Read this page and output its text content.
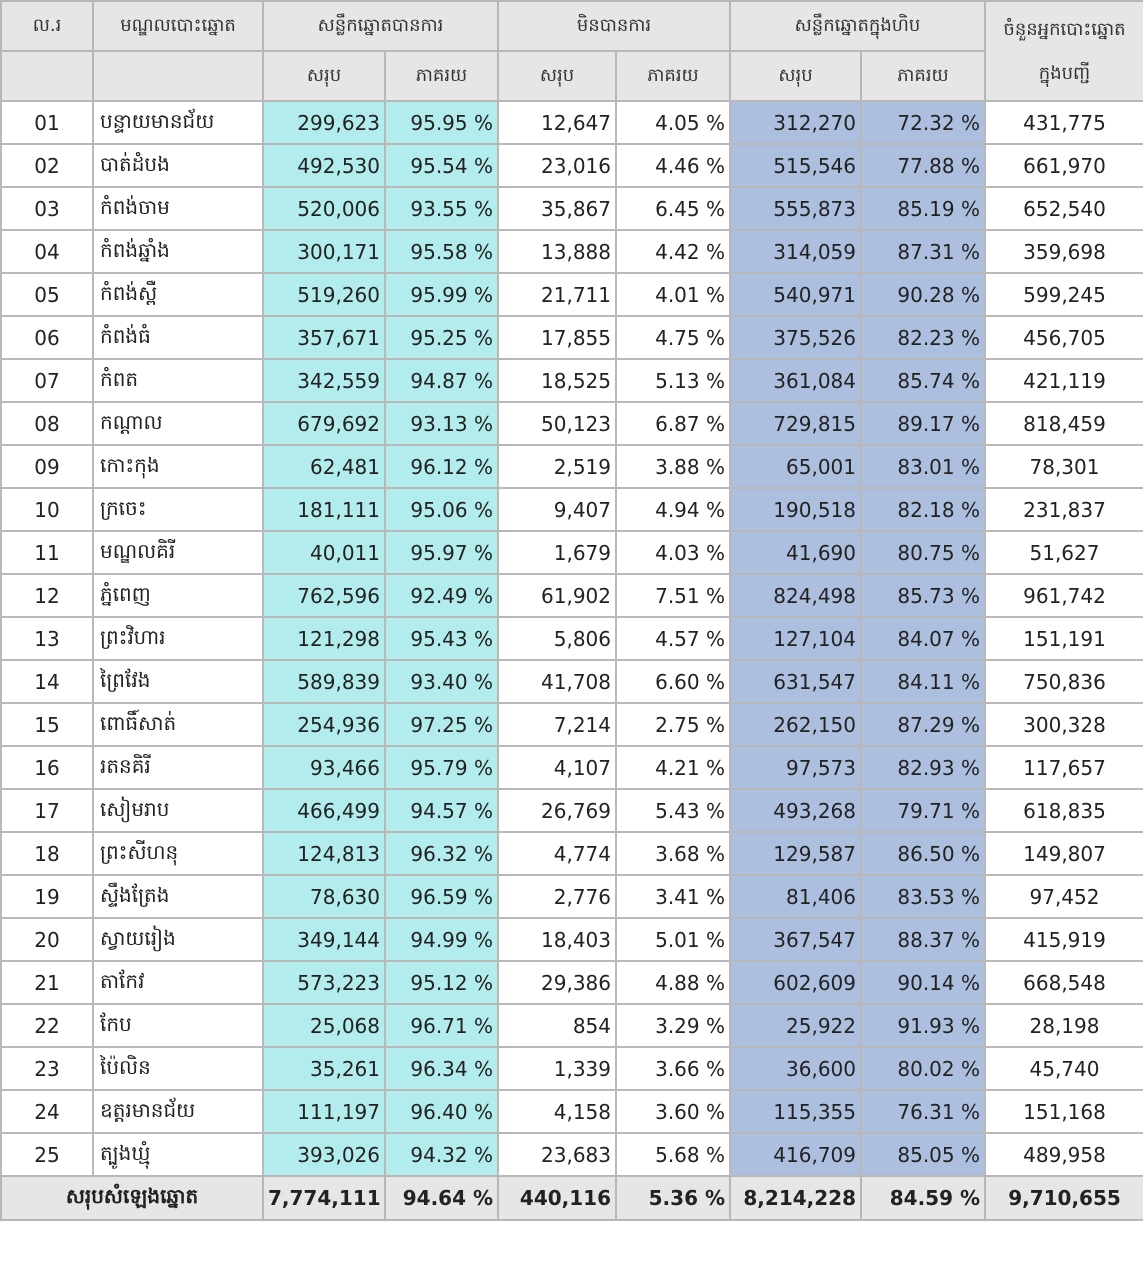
ល.រ	មណ្ឌលបោះឆ្នោត	សន្លឹកឆ្នោតបានការ		មិនបានការ		សន្លឹកឆ្នោតក្នុងហិប		ចំនួនអ្នកបោះឆ្នោត
ក្នុងបញ្ជី

		សរុប	ភាគរយ	សរុប	ភាគរយ	សរុប	ភាគរយ	
01	បន្ទាយមានជ័យ	299,623	95.95 %	12,647	4.05 %	312,270	72.32 %	431,775
02	បាត់ដំបង	492,530	95.54 %	23,016	4.46 %	515,546	77.88 %	661,970
03	កំពង់ចាម	520,006	93.55 %	35,867	6.45 %	555,873	85.19 %	652,540
04	កំពង់ឆ្នាំង	300,171	95.58 %	13,888	4.42 %	314,059	87.31 %	359,698
05	កំពង់ស្ពឺ	519,260	95.99 %	21,711	4.01 %	540,971	90.28 %	599,245
06	កំពង់ធំ	357,671	95.25 %	17,855	4.75 %	375,526	82.23 %	456,705
07	កំពត	342,559	94.87 %	18,525	5.13 %	361,084	85.74 %	421,119
08	កណ្តាល	679,692	93.13 %	50,123	6.87 %	729,815	89.17 %	818,459
09	កោះកុង	62,481	96.12 %	2,519	3.88 %	65,001	83.01 %	78,301
10	ក្រចេះ	181,111	95.06 %	9,407	4.94 %	190,518	82.18 %	231,837
11	មណ្ឌលគិរី	40,011	95.97 %	1,679	4.03 %	41,690	80.75 %	51,627
12	ភ្នំពេញ	762,596	92.49 %	61,902	7.51 %	824,498	85.73 %	961,742
13	ព្រះវិហារ	121,298	95.43 %	5,806	4.57 %	127,104	84.07 %	151,191
14	ព្រៃវែង	589,839	93.40 %	41,708	6.60 %	631,547	84.11 %	750,836
15	ពោធិ៍សាត់	254,936	97.25 %	7,214	2.75 %	262,150	87.29 %	300,328
16	រតនគិរី	93,466	95.79 %	4,107	4.21 %	97,573	82.93 %	117,657
17	សៀមរាប	466,499	94.57 %	26,769	5.43 %	493,268	79.71 %	618,835
18	ព្រះសីហនុ	124,813	96.32 %	4,774	3.68 %	129,587	86.50 %	149,807
19	ស្ទឹងត្រែង	78,630	96.59 %	2,776	3.41 %	81,406	83.53 %	97,452
20	ស្វាយរៀង	349,144	94.99 %	18,403	5.01 %	367,547	88.37 %	415,919
21	តាកែវ	573,223	95.12 %	29,386	4.88 %	602,609	90.14 %	668,548
22	កែប	25,068	96.71 %	854	3.29 %	25,922	91.93 %	28,198
23	ប៉ៃលិន	35,261	96.34 %	1,339	3.66 %	36,600	80.02 %	45,740
24	ឧត្តរមានជ័យ	111,197	96.40 %	4,158	3.60 %	115,355	76.31 %	151,168
25	ត្បូងឃ្មុំ	393,026	94.32 %	23,683	5.68 %	416,709	85.05 %	489,958
សរុបសំឡេងឆ្នោត		7,774,111	94.64 %	440,116	5.36 %	8,214,228	84.59 %	9,710,655
